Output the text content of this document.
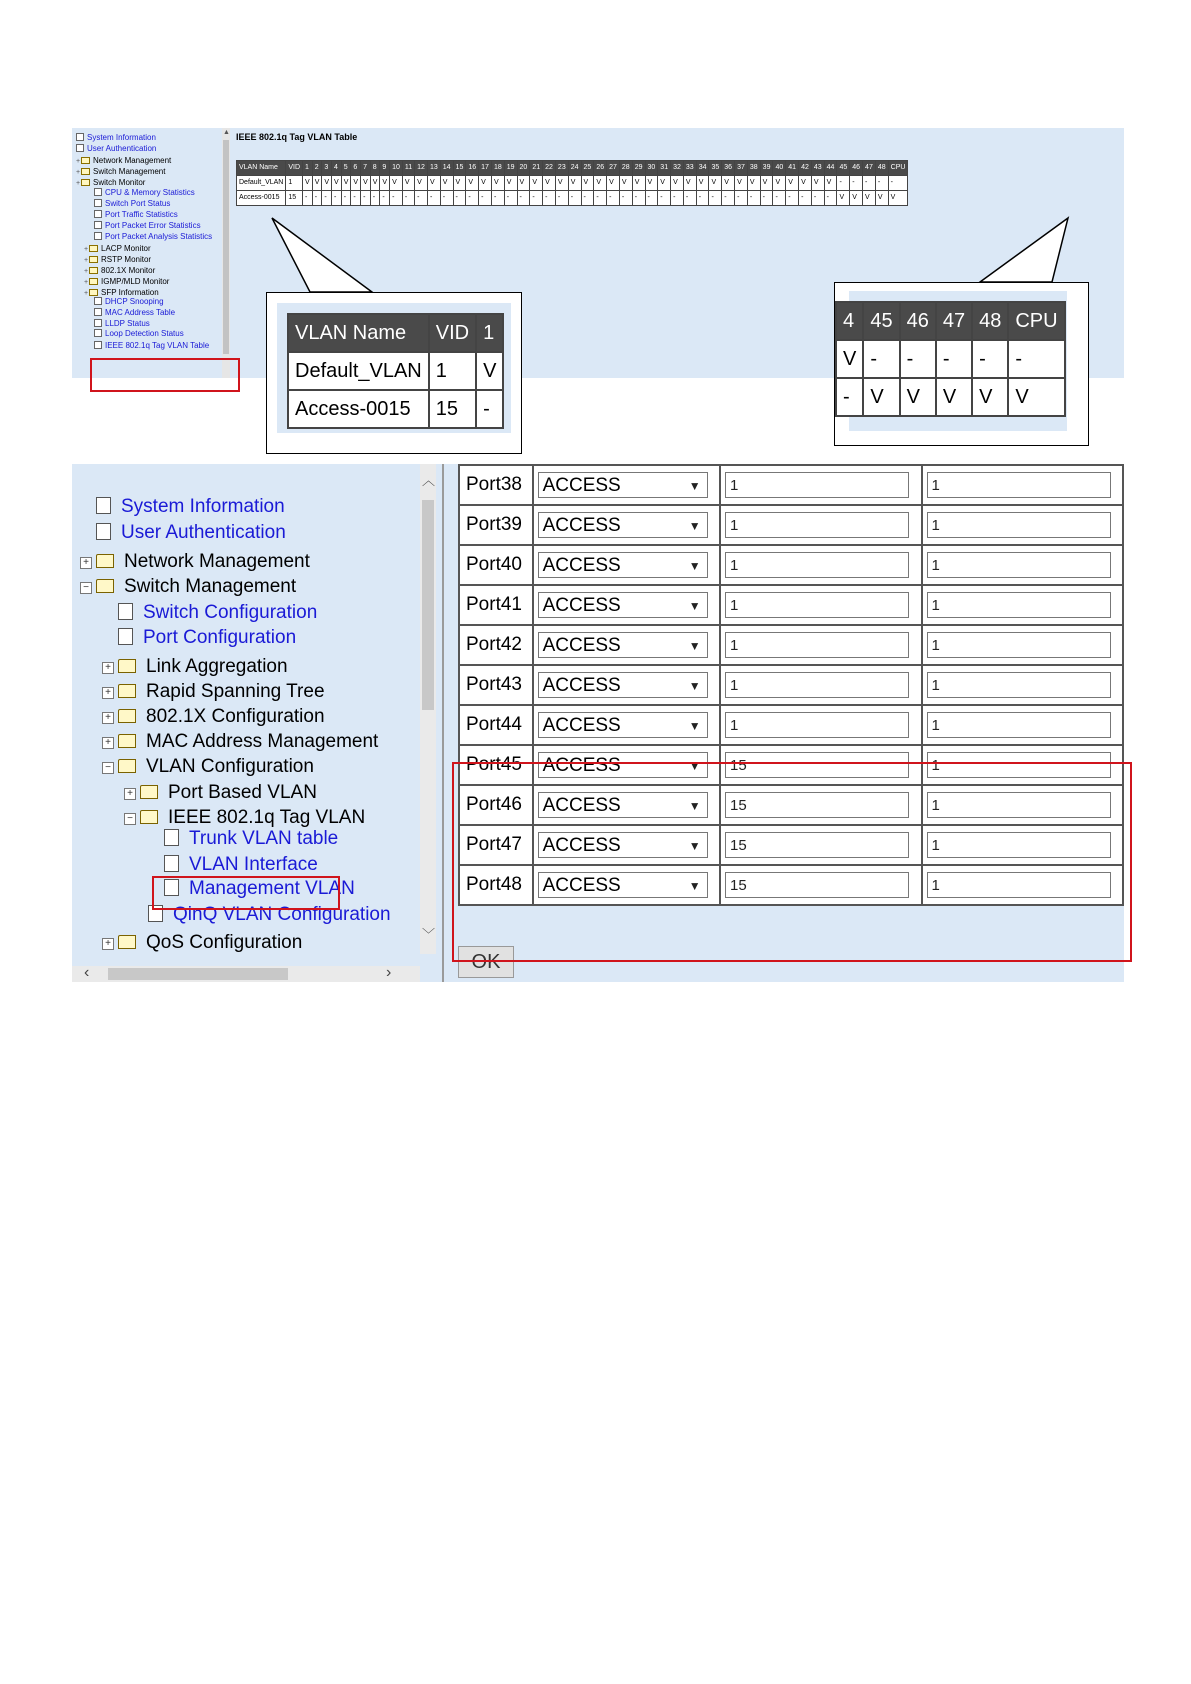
System Information
User Authentication
+ Network Management
+ Switch Management
+ Switch Monitor
CPU & Memory Statistics
Switch Port Status
Port Traffic Statistics
Port Packet Error Statistics
Port Packet Analysis Statistics
+ LACP Monitor
+ RSTP Monitor
+ 802.1X Monitor
+ IGMP/MLD Monitor
+ SFP Information
DHCP Snooping
MAC Address Table
LLDP Status
Loop Detection Status
IEEE 802.1q Tag VLAN Table
▲ IEEE 802.1q Tag VLAN Table
VLAN Name	VID	1	2	3	4	5	6	7	8	9	10	11	12	13	14	15	16	17	18	19	20	21	22	23	24	25	26	27	28	29	30	31	32	33	34	35	36	37	38	39	40	41	42	43	44	45	46	47	48	CPU
Default_VLAN	1	V	V	V	V	V	V	V	V	V	V	V	V	V	V	V	V	V	V	V	V	V	V	V	V	V	V	V	V	V	V	V	V	V	V	V	V	V	V	V	V	V	V	V	V	-	-	-	-	-
Access-0015	15	-	-	-	-	-	-	-	-	-	-	-	-	-	-	-	-	-	-	-	-	-	-	-	-	-	-	-	-	-	-	-	-	-	-	-	-	-	-	-	-	-	-	-	-	V	V	V	V	V
VLAN Name	VID	1
Default_VLAN	1	V
Access-0015	15	-
4	45	46	47	48	CPU
V	-	-	-	-	-
-	V	V	V	V	V
System Information
User Authentication
+ Network Management
− Switch Management
Switch Configuration
Port Configuration
+ Link Aggregation
+ Rapid Spanning Tree
+ 802.1X Configuration
+ MAC Address Management
− VLAN Configuration
+ Port Based VLAN
− IEEE 802.1q Tag VLAN
Trunk VLAN table
VLAN Interface
Management VLAN
QinQ VLAN Configuration
+ QoS Configuration
︿
﹀
‹	›
Port38	ACCESS ▼	1	1

Port39	ACCESS ▼	1	1

Port40	ACCESS ▼	1	1

Port41	ACCESS ▼	1	1

Port42	ACCESS ▼	1	1

Port43	ACCESS ▼	1	1

Port44	ACCESS ▼	1	1

Port45	ACCESS ▼	15	1

Port46	ACCESS ▼	15	1

Port47	ACCESS ▼	15	1

Port48	ACCESS ▼	15	1
OK
